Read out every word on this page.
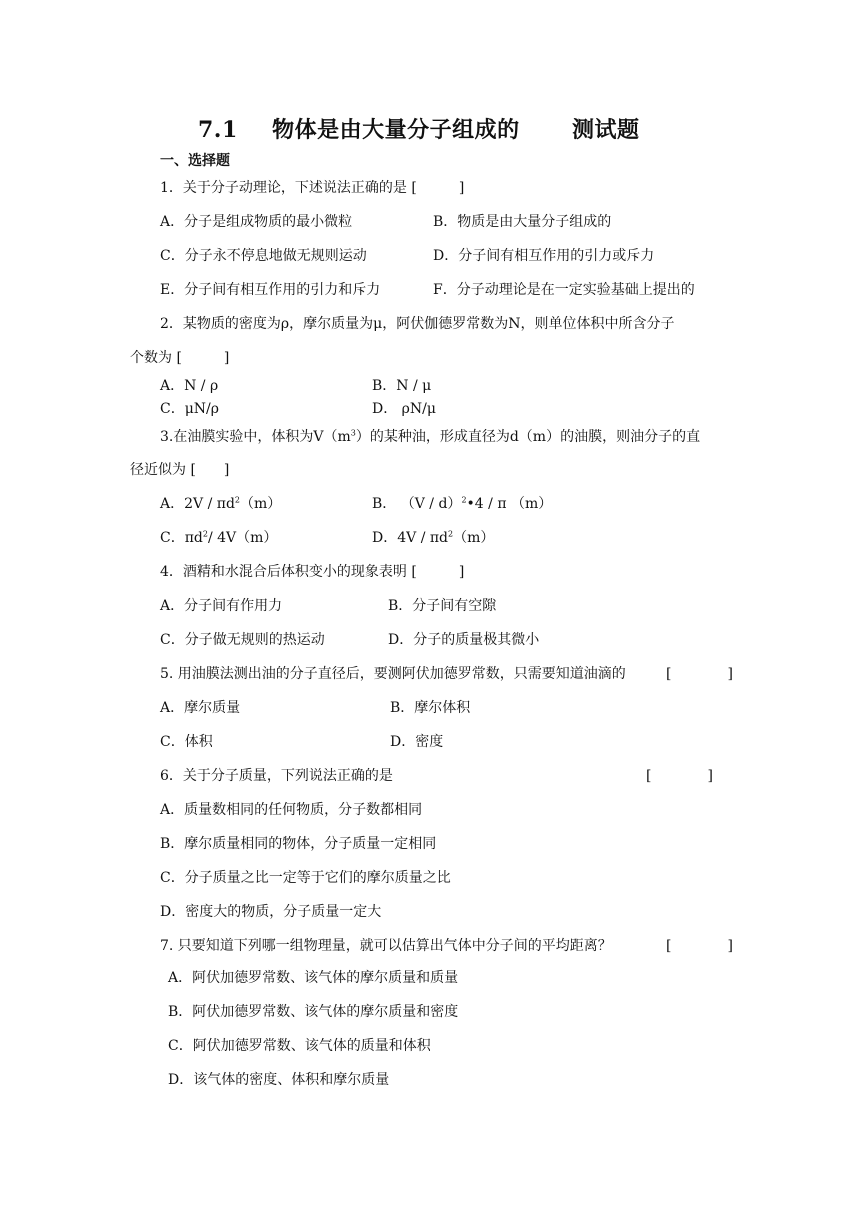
7.1 物体是由大量分子组成的 测试题
一、选择题
1．关于分子动理论，下述说法正确的是 [　　　]
A．分子是组成物质的最小微粒	B．物质是由大量分子组成的
C．分子永不停息地做无规则运动	D．分子间有相互作用的引力或斥力
E．分子间有相互作用的引力和斥力	F．分子动理论是在一定实验基础上提出的
2．某物质的密度为ρ，摩尔质量为μ，阿伏伽德罗常数为N，则单位体积中所含分子
个数为 [　　　]
A．N / ρ	B．N / μ
C．μN/ρ	D． ρN/μ
3.在油膜实验中，体积为$V(m^3)$的某种油，形成直径为d（m）的油膜，则油分子的直
径近似为 [　　]
A．$2V / \pi d^2(m)$	B． （V / d）$^2$•4 / π （m）
C．$\pi d^2/$ 4V（m）	D．$4V / \pi d^2(m)$
4．酒精和水混合后体积变小的现象表明 [　　　]
A．分子间有作用力	B．分子间有空隙
C．分子做无规则的热运动	D．分子的质量极其微小
5. 用油膜法测出油的分子直径后，要测阿伏加德罗常数，只需要知道油滴的	[　　　　]
A．摩尔质量	B．摩尔体积
C．体积	D．密度
6．关于分子质量，下列说法正确的是	[　　　　]
A．质量数相同的任何物质，分子数都相同
B．摩尔质量相同的物体，分子质量一定相同
C．分子质量之比一定等于它们的摩尔质量之比
D．密度大的物质，分子质量一定大
7. 只要知道下列哪一组物理量，就可以估算出气体中分子间的平均距离？	[　　　　]
A．阿伏加德罗常数、该气体的摩尔质量和质量
B．阿伏加德罗常数、该气体的摩尔质量和密度
C．阿伏加德罗常数、该气体的质量和体积
D．该气体的密度、体积和摩尔质量
